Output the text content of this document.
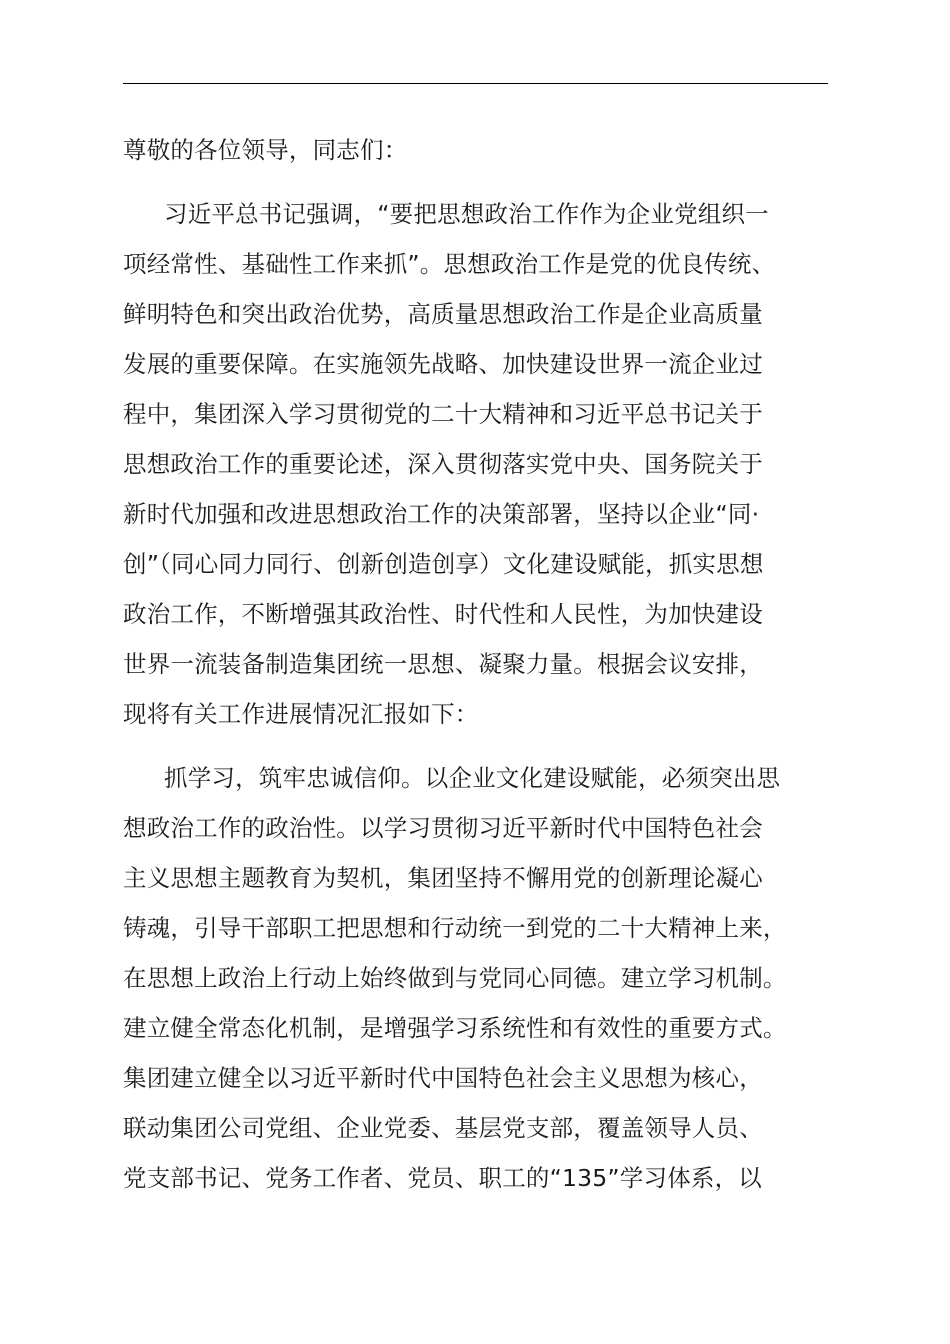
尊敬的各位领导，同志们：
习近平总书记强调，“要把思想政治工作作为企业党组织一
项经常性、基础性工作来抓”。思想政治工作是党的优良传统、
鲜明特色和突出政治优势，高质量思想政治工作是企业高质量
发展的重要保障。在实施领先战略、加快建设世界一流企业过
程中，集团深入学习贯彻党的二十大精神和习近平总书记关于
思想政治工作的重要论述，深入贯彻落实党中央、国务院关于
新时代加强和改进思想政治工作的决策部署，坚持以企业“同·
创”（同心同力同行、创新创造创享）文化建设赋能，抓实思想
政治工作，不断增强其政治性、时代性和人民性，为加快建设
世界一流装备制造集团统一思想、凝聚力量。根据会议安排，
现将有关工作进展情况汇报如下：
抓学习，筑牢忠诚信仰。以企业文化建设赋能，必须突出思
想政治工作的政治性。以学习贯彻习近平新时代中国特色社会
主义思想主题教育为契机，集团坚持不懈用党的创新理论凝心
铸魂，引导干部职工把思想和行动统一到党的二十大精神上来，
在思想上政治上行动上始终做到与党同心同德。建立学习机制。
建立健全常态化机制，是增强学习系统性和有效性的重要方式。
集团建立健全以习近平新时代中国特色社会主义思想为核心，
联动集团公司党组、企业党委、基层党支部，覆盖领导人员、
党支部书记、党务工作者、党员、职工的“135”学习体系，以
